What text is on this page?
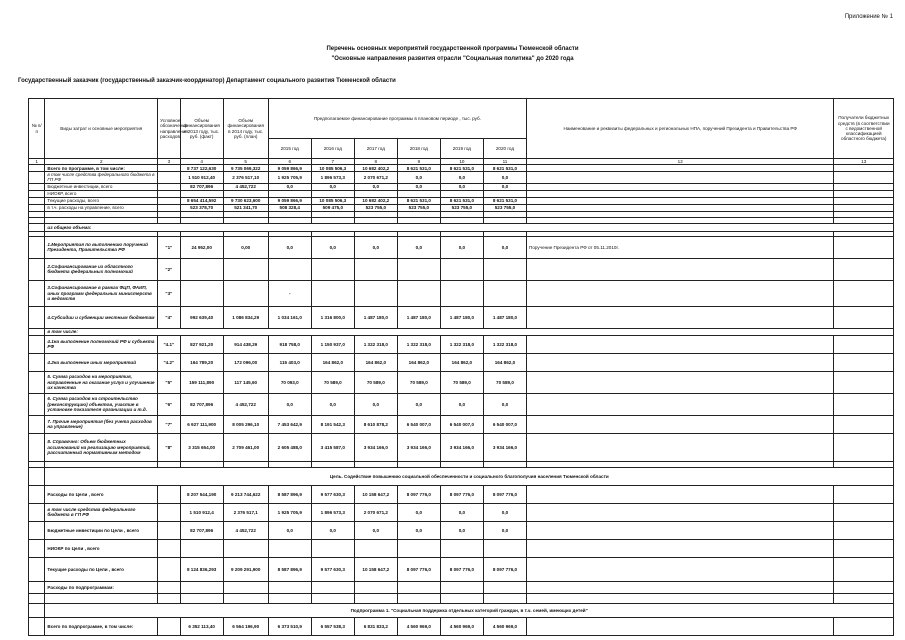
Приложение № 1
Перечень основных мероприятий государственной программы Тюменской области
"Основные направления развития отрасли "Социальная политика" до 2020 года
Государственный заказчик (государственный заказчик-координатор) Департамент социального развития Тюменской области
№ п/п	Виды затрат и основные мероприятия	Условное обозначение направления расходов	Объем финансирования в 2013 году, тыс. руб. (факт)	Объем финансирования в 2014 году, тыс. руб. (план)	Предполагаемое финансирование программы в плановом периоде , тыс. руб.						Наименование и реквизиты федеральных и региональных НПА, поручений Президента и Правительства РФ	Получатели бюджетных средств (в соответствии с ведомственной классификацией областного бюджета)
					2015 год	2016 год	2017 год	2018 год	2019 год	2020 год		
1	2	3	4	5	6	7	8	9	10	11	12	13
	Всего по программе, в том числе:		8 737 122,630	9 735 069,322	9 059 866,9	10 085 506,3	10 682 402,2	8 621 531,0	8 621 531,0	8 621 531,0		
	в том числе средства федерального бюджета в ГП РФ		1 510 912,40	2 376 517,10	1 925 705,9	1 896 573,3	2 070 671,2	0,0	0,0	0,0		
	Бюджетные инвестиции, всего		82 707,896	4 452,722	0,0	0,0	0,0	0,0	0,0	0,0		
	НИОКР, всего											
	Текущие расходы, всего		8 654 414,592	9 730 623,600	9 059 866,9	10 085 506,3	10 682 402,2	8 621 531,0	8 621 531,0	8 621 531,0		
	в т.ч. расходы на управление, всего		523 378,70	521 341,70	508 328,4	509 475,0	523 755,0	523 755,0	523 755,0	523 755,0		

	из общего объема:											

	1.Мероприятия по выполнению поручений Президента, Правительства РФ	"1"	24 952,00	0,00	0,0	0,0	0,0	0,0	0,0	0,0	Поручение Президента РФ от 05.11.2010г.	
	2.Софинансирование из областного бюджета федеральных полномочий	"2"										
	3.Софинансирование в рамках ФЦП, ФАИП, иных программ федеральных министерств и ведомств	"3"			-							
	4.Субсидии и субвенции местным бюджетам	"4"	992 639,40	1 086 834,29	1 034 161,0	1 316 800,0	1 487 180,0	1 487 180,0	1 487 180,0	1 487 180,0		
	в том числе:											
	4.1на выполнение полномочий РФ и субъекта РФ	"4.1"	827 921,20	914 438,29	918 758,0	1 150 937,0	1 322 318,0	1 322 318,0	1 322 318,0	1 322 318,0		
	4.2на выполнение иных мероприятий	"4.2"	164 789,20	172 096,00	115 403,0	164 862,0	164 862,0	164 862,0	164 862,0	164 862,0		
	5. Сумма расходов на мероприятия, направленные на оказание услуг и улучшение их качества	"5"	159 111,890	117 145,60	70 093,0	70 589,0	70 589,0	70 589,0	70 589,0	70 589,0		
	6. Сумма расходов на строительство (реконструкцию) объектов, участие в установке показателя организации и т.д.	"6"	82 707,896	4 452,722	0,0	0,0	0,0	0,0	0,0	0,0		
	7. Прочие мероприятия (без учета расходов на управление)	"7"	6 927 111,900	8 005 296,10	7 453 642,9	8 191 542,3	8 610 878,2	6 540 007,0	6 540 007,0	6 540 007,0		
	8. Справочно: Объем бюджетных ассигнований на реализацию мероприятий, рассчитанный нормативным методом	"8"	3 315 654,00	2 709 461,00	2 605 488,0	3 415 587,0	3 934 166,0	3 934 166,0	3 934 166,0	3 934 166,0		

	Цель. Содействие повышению социальной обеспеченности и социального благополучия населения Тюменской области											
	Расходы по Цели , всего		8 207 544,190	9 213 744,622	8 587 896,9	9 577 630,3	10 158 647,2	8 097 776,0	8 097 776,0	8 097 776,0		
	в том числе средства федерального бюджета в ГП РФ		1 510 912,4	2 376 517,1	1 925 705,9	1 896 573,3	2 070 671,2	0,0	0,0	0,0		
	Бюджетные инвестиции по Цели , всего		82 707,896	4 452,722	0,0	0,0	0,0	0,0	0,0	0,0		
	НИОКР по Цели , всего											
	Текущие расходы по Цели , всего		8 124 836,293	9 209 291,900	8 587 896,9	9 577 630,3	10 158 647,2	8 097 776,0	8 097 776,0	8 097 776,0		
	Расходы по подпрограммам:											

	Подпрограмма 1. "Социальная поддержка отдельных категорий граждан, в т.ч. семей, имеющих детей"											
	Всего по подпрограмме, в том числе:		6 352 113,40	6 564 196,90	6 373 510,9	6 557 538,3	6 831 833,2	4 560 969,0	4 560 969,0	4 560 969,0		
